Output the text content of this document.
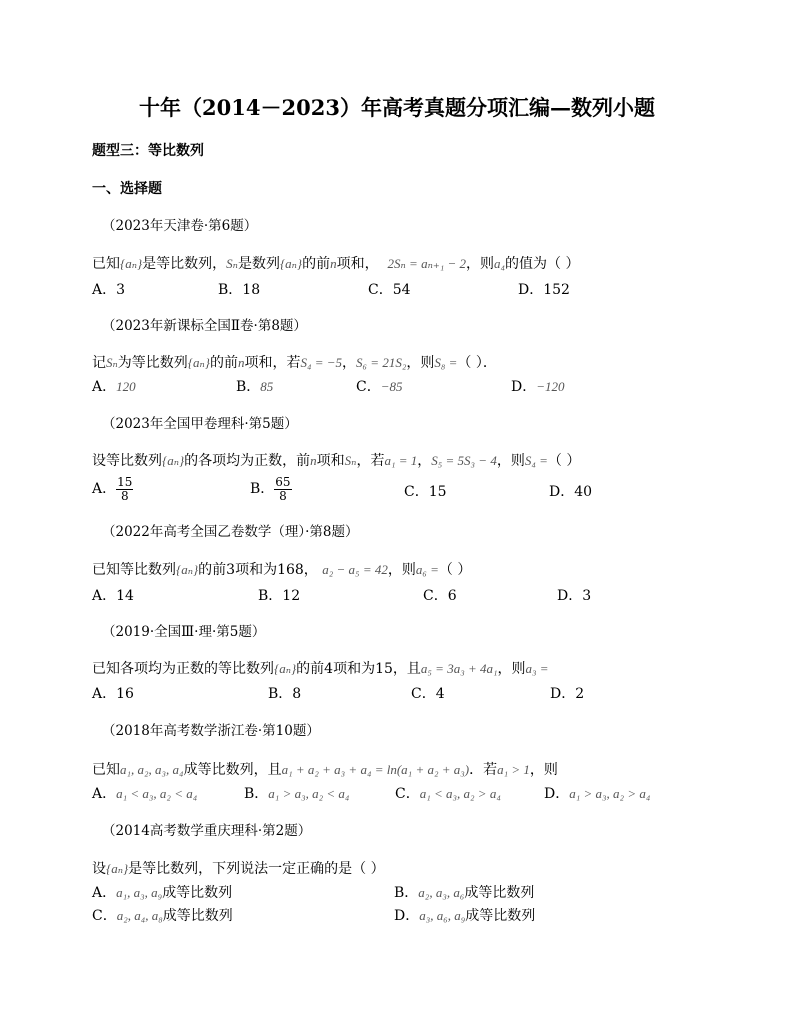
十年（2014－2023）年高考真题分项汇编—数列小题
题型三：等比数列
一、选择题
（2023年天津卷·第6题）
已知{aₙ}是等比数列，Sₙ是数列{aₙ}的前n项和， 2Sₙ = aₙ₊₁ − 2，则a₄的值为（ ）
A．3	B．18	C．54	D．152
（2023年新课标全国Ⅱ卷·第8题）
记Sₙ为等比数列{aₙ}的前n项和，若S₄ = −5，S₆ = 21S₂，则S₈ =（ ）．
A．120	B．85	C．−85	D．−120
（2023年全国甲卷理科·第5题）
设等比数列{aₙ}的各项均为正数，前n项和Sₙ，若a₁ = 1，S₅ = 5S₃ − 4，则S₄ =（ ）
A． $\frac{15}{8}$	B． $\frac{65}{8}$	C．15	D．40
（2022年高考全国乙卷数学（理）·第8题）
已知等比数列{aₙ}的前3项和为168， a₂ − a₅ = 42，则a₆ =（ ）
A．14	B．12	C．6	D．3
（2019·全国Ⅲ·理·第5题）
已知各项均为正数的等比数列{aₙ}的前4项和为15，且a₅ = 3a₃ + 4a₁，则a₃ =
A．16	B．8	C．4	D．2
（2018年高考数学浙江卷·第10题）
已知a₁, a₂, a₃, a₄成等比数列，且a₁ + a₂ + a₃ + a₄ = ln(a₁ + a₂ + a₃)．若a₁ > 1，则
A．a₁ < a₃, a₂ < a₄	B．a₁ > a₃, a₂ < a₄	C．a₁ < a₃, a₂ > a₄	D．a₁ > a₃, a₂ > a₄
（2014高考数学重庆理科·第2题）
设{aₙ}是等比数列，下列说法一定正确的是（ ）
A．a₁, a₃, a₉成等比数列	B．a₂, a₃, a₆成等比数列
C．a₂, a₄, a₈成等比数列	D．a₃, a₆, a₉成等比数列
